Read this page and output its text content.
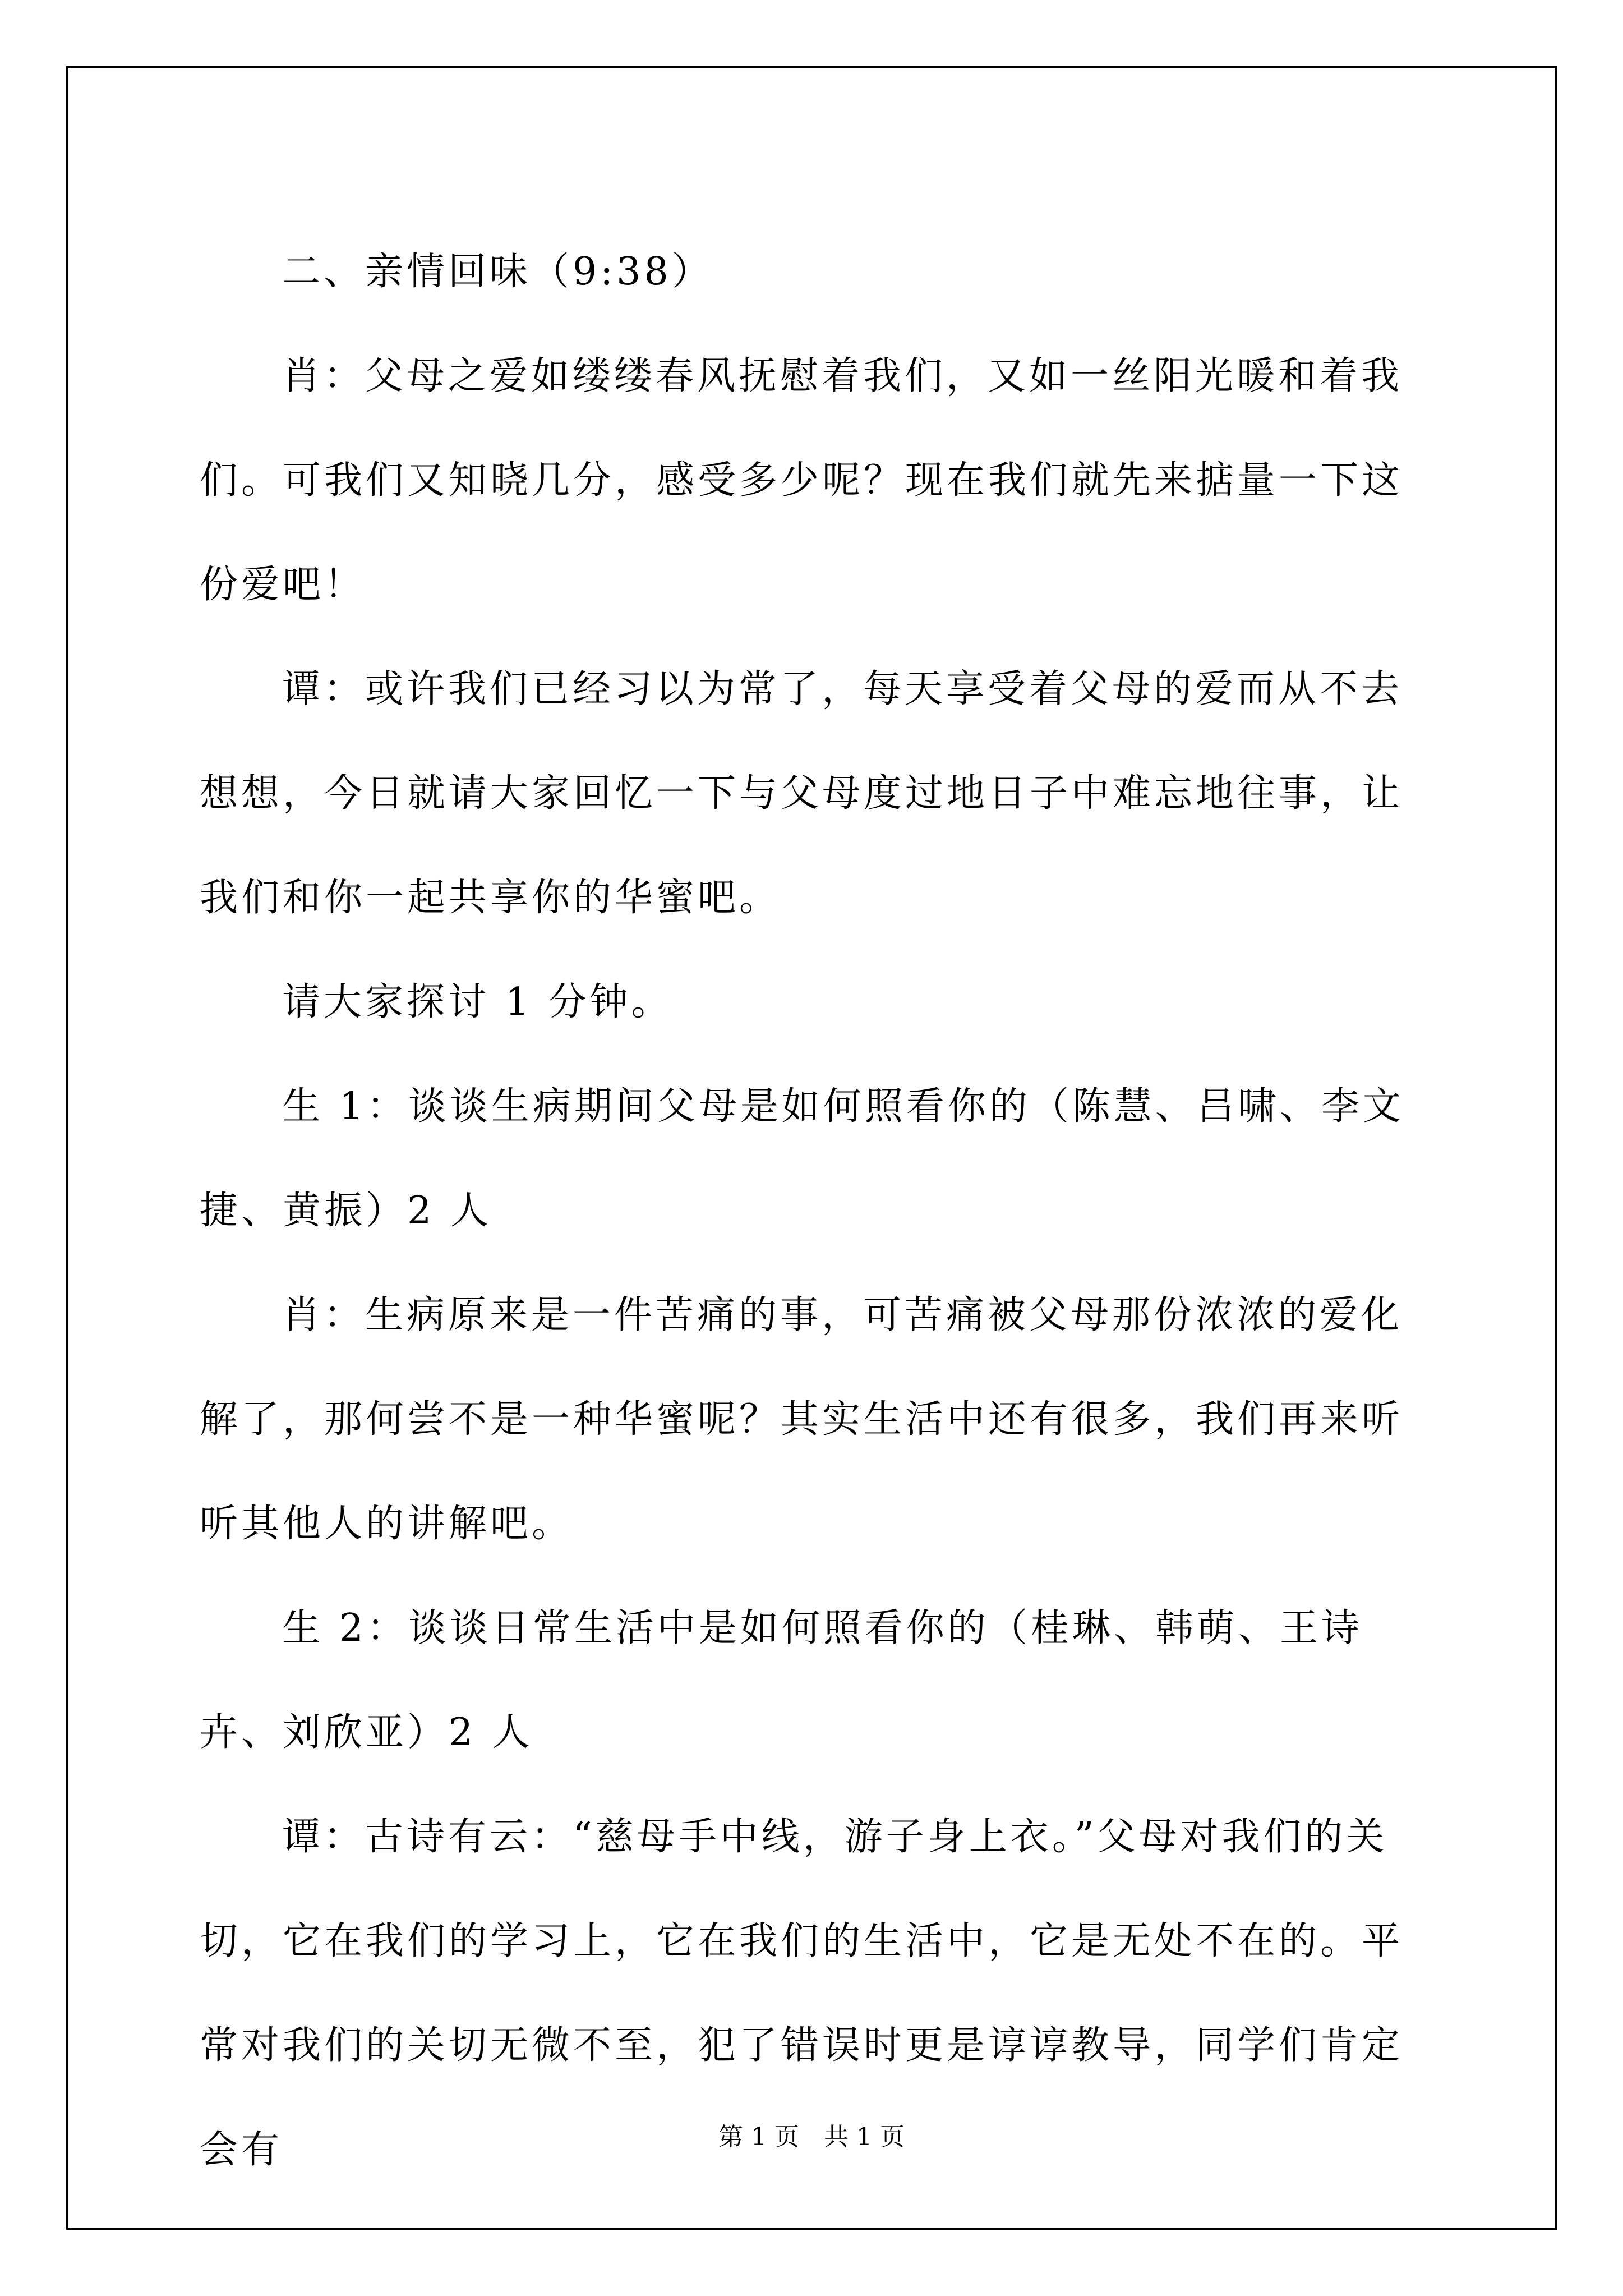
二、亲情回味（9:38）

肖：父母之爱如缕缕春风抚慰着我们，又如一丝阳光暖和着我们。可我们又知晓几分，感受多少呢？现在我们就先来掂量一下这份爱吧！

谭：或许我们已经习以为常了，每天享受着父母的爱而从不去想想，今日就请大家回忆一下与父母度过地日子中难忘地往事，让我们和你一起共享你的华蜜吧。

请大家探讨 1 分钟。

生 1：谈谈生病期间父母是如何照看你的（陈慧、吕啸、李文捷、黄振）2 人

肖：生病原来是一件苦痛的事，可苦痛被父母那份浓浓的爱化解了，那何尝不是一种华蜜呢？其实生活中还有很多，我们再来听听其他人的讲解吧。

生 2：谈谈日常生活中是如何照看你的（桂琳、韩萌、王诗卉、刘欣亚）2 人

谭：古诗有云：“慈母手中线，游子身上衣。”父母对我们的关切，它在我们的学习上，它在我们的生活中，它是无处不在的。平常对我们的关切无微不至，犯了错误时更是谆谆教导，同学们肯定会有	第 1 页　共 1 页
